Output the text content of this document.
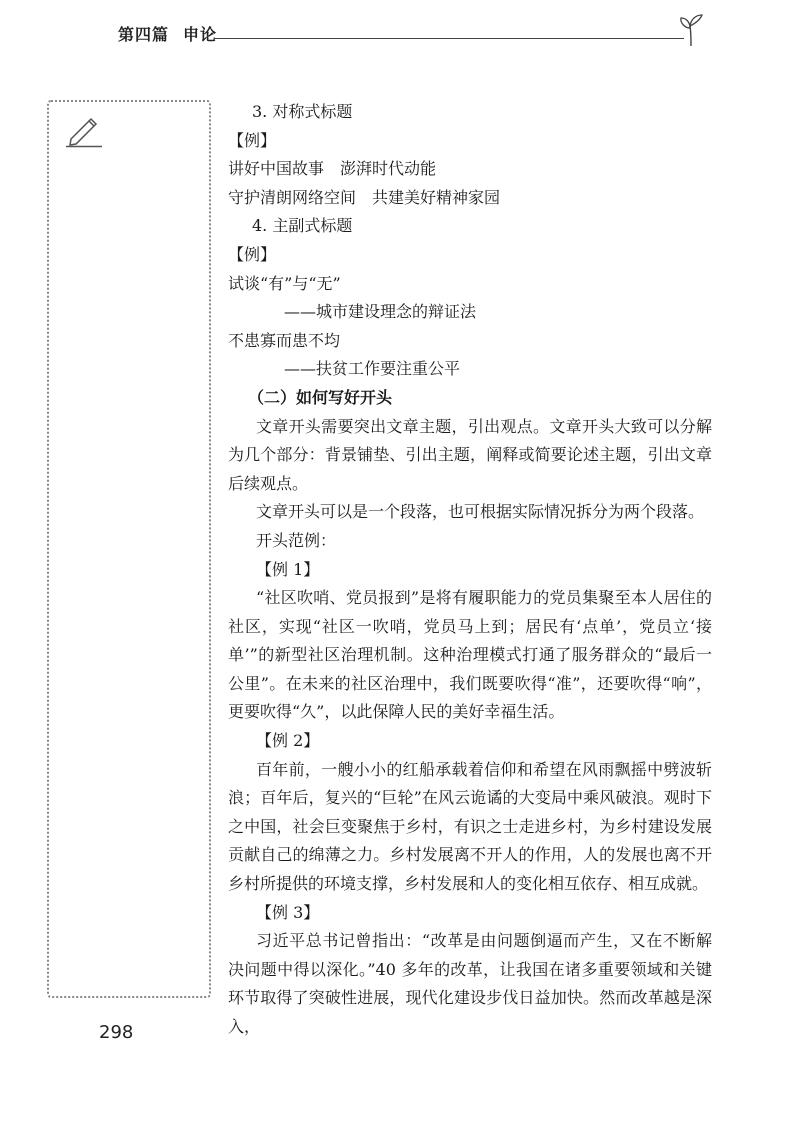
第四篇 申论
3. 对称式标题
【例】
讲好中国故事　澎湃时代动能
守护清朗网络空间　共建美好精神家园
4. 主副式标题
【例】
试谈“有”与“无”
——城市建设理念的辩证法
不患寡而患不均
——扶贫工作要注重公平
（二）如何写好开头
文章开头需要突出文章主题，引出观点。文章开头大致可以分解为几个部分：背景铺垫、引出主题，阐释或简要论述主题，引出文章后续观点。
文章开头可以是一个段落，也可根据实际情况拆分为两个段落。
开头范例：
【例 1】
“社区吹哨、党员报到”是将有履职能力的党员集聚至本人居住的社区，实现“社区一吹哨，党员马上到；居民有‘点单’，党员立‘接单’”的新型社区治理机制。这种治理模式打通了服务群众的“最后一公里”。在未来的社区治理中，我们既要吹得“准”，还要吹得“响”，更要吹得“久”，以此保障人民的美好幸福生活。
【例 2】
百年前，一艘小小的红船承载着信仰和希望在风雨飘摇中劈波斩浪；百年后，复兴的“巨轮”在风云诡谲的大变局中乘风破浪。观时下之中国，社会巨变聚焦于乡村，有识之士走进乡村，为乡村建设发展贡献自己的绵薄之力。乡村发展离不开人的作用，人的发展也离不开乡村所提供的环境支撑，乡村发展和人的变化相互依存、相互成就。
【例 3】
习近平总书记曾指出：“改革是由问题倒逼而产生，又在不断解决问题中得以深化。”40 多年的改革，让我国在诸多重要领域和关键环节取得了突破性进展，现代化建设步伐日益加快。然而改革越是深入，
298
